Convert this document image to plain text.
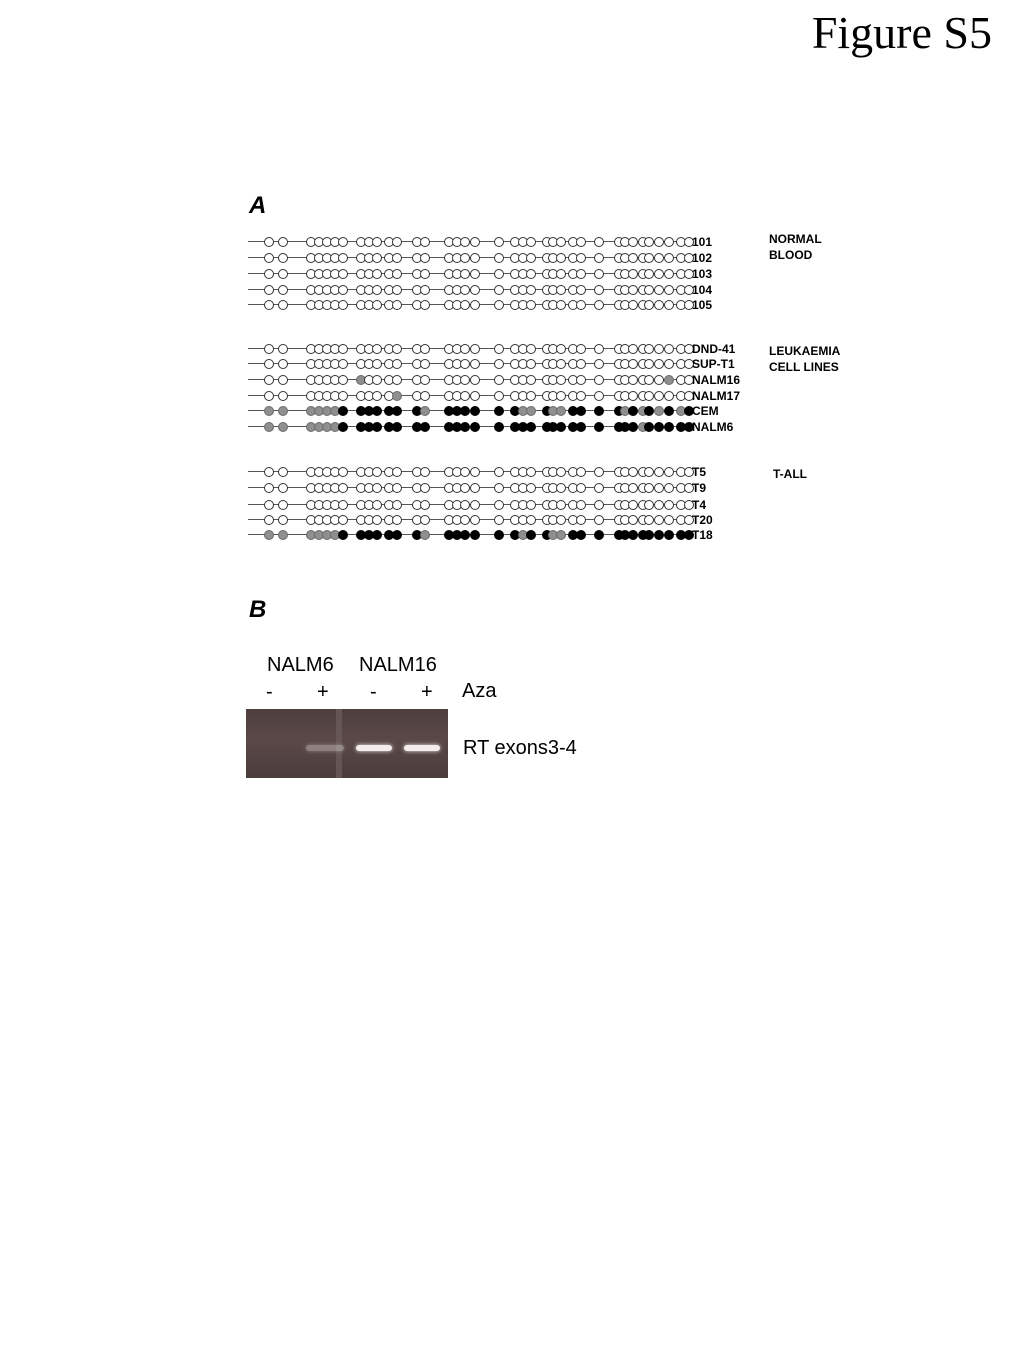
Figure S5
A
NORMAL
BLOOD
101
102
103
104
105
LEUKAEMIA
CELL LINES
DND-41
SUP-T1
NALM16
NALM17
CEM
NALM6
T-ALL
T5
T9
T4
T20
T18
B
NALM6 NALM16
- + - + Aza
RT exons3-4
